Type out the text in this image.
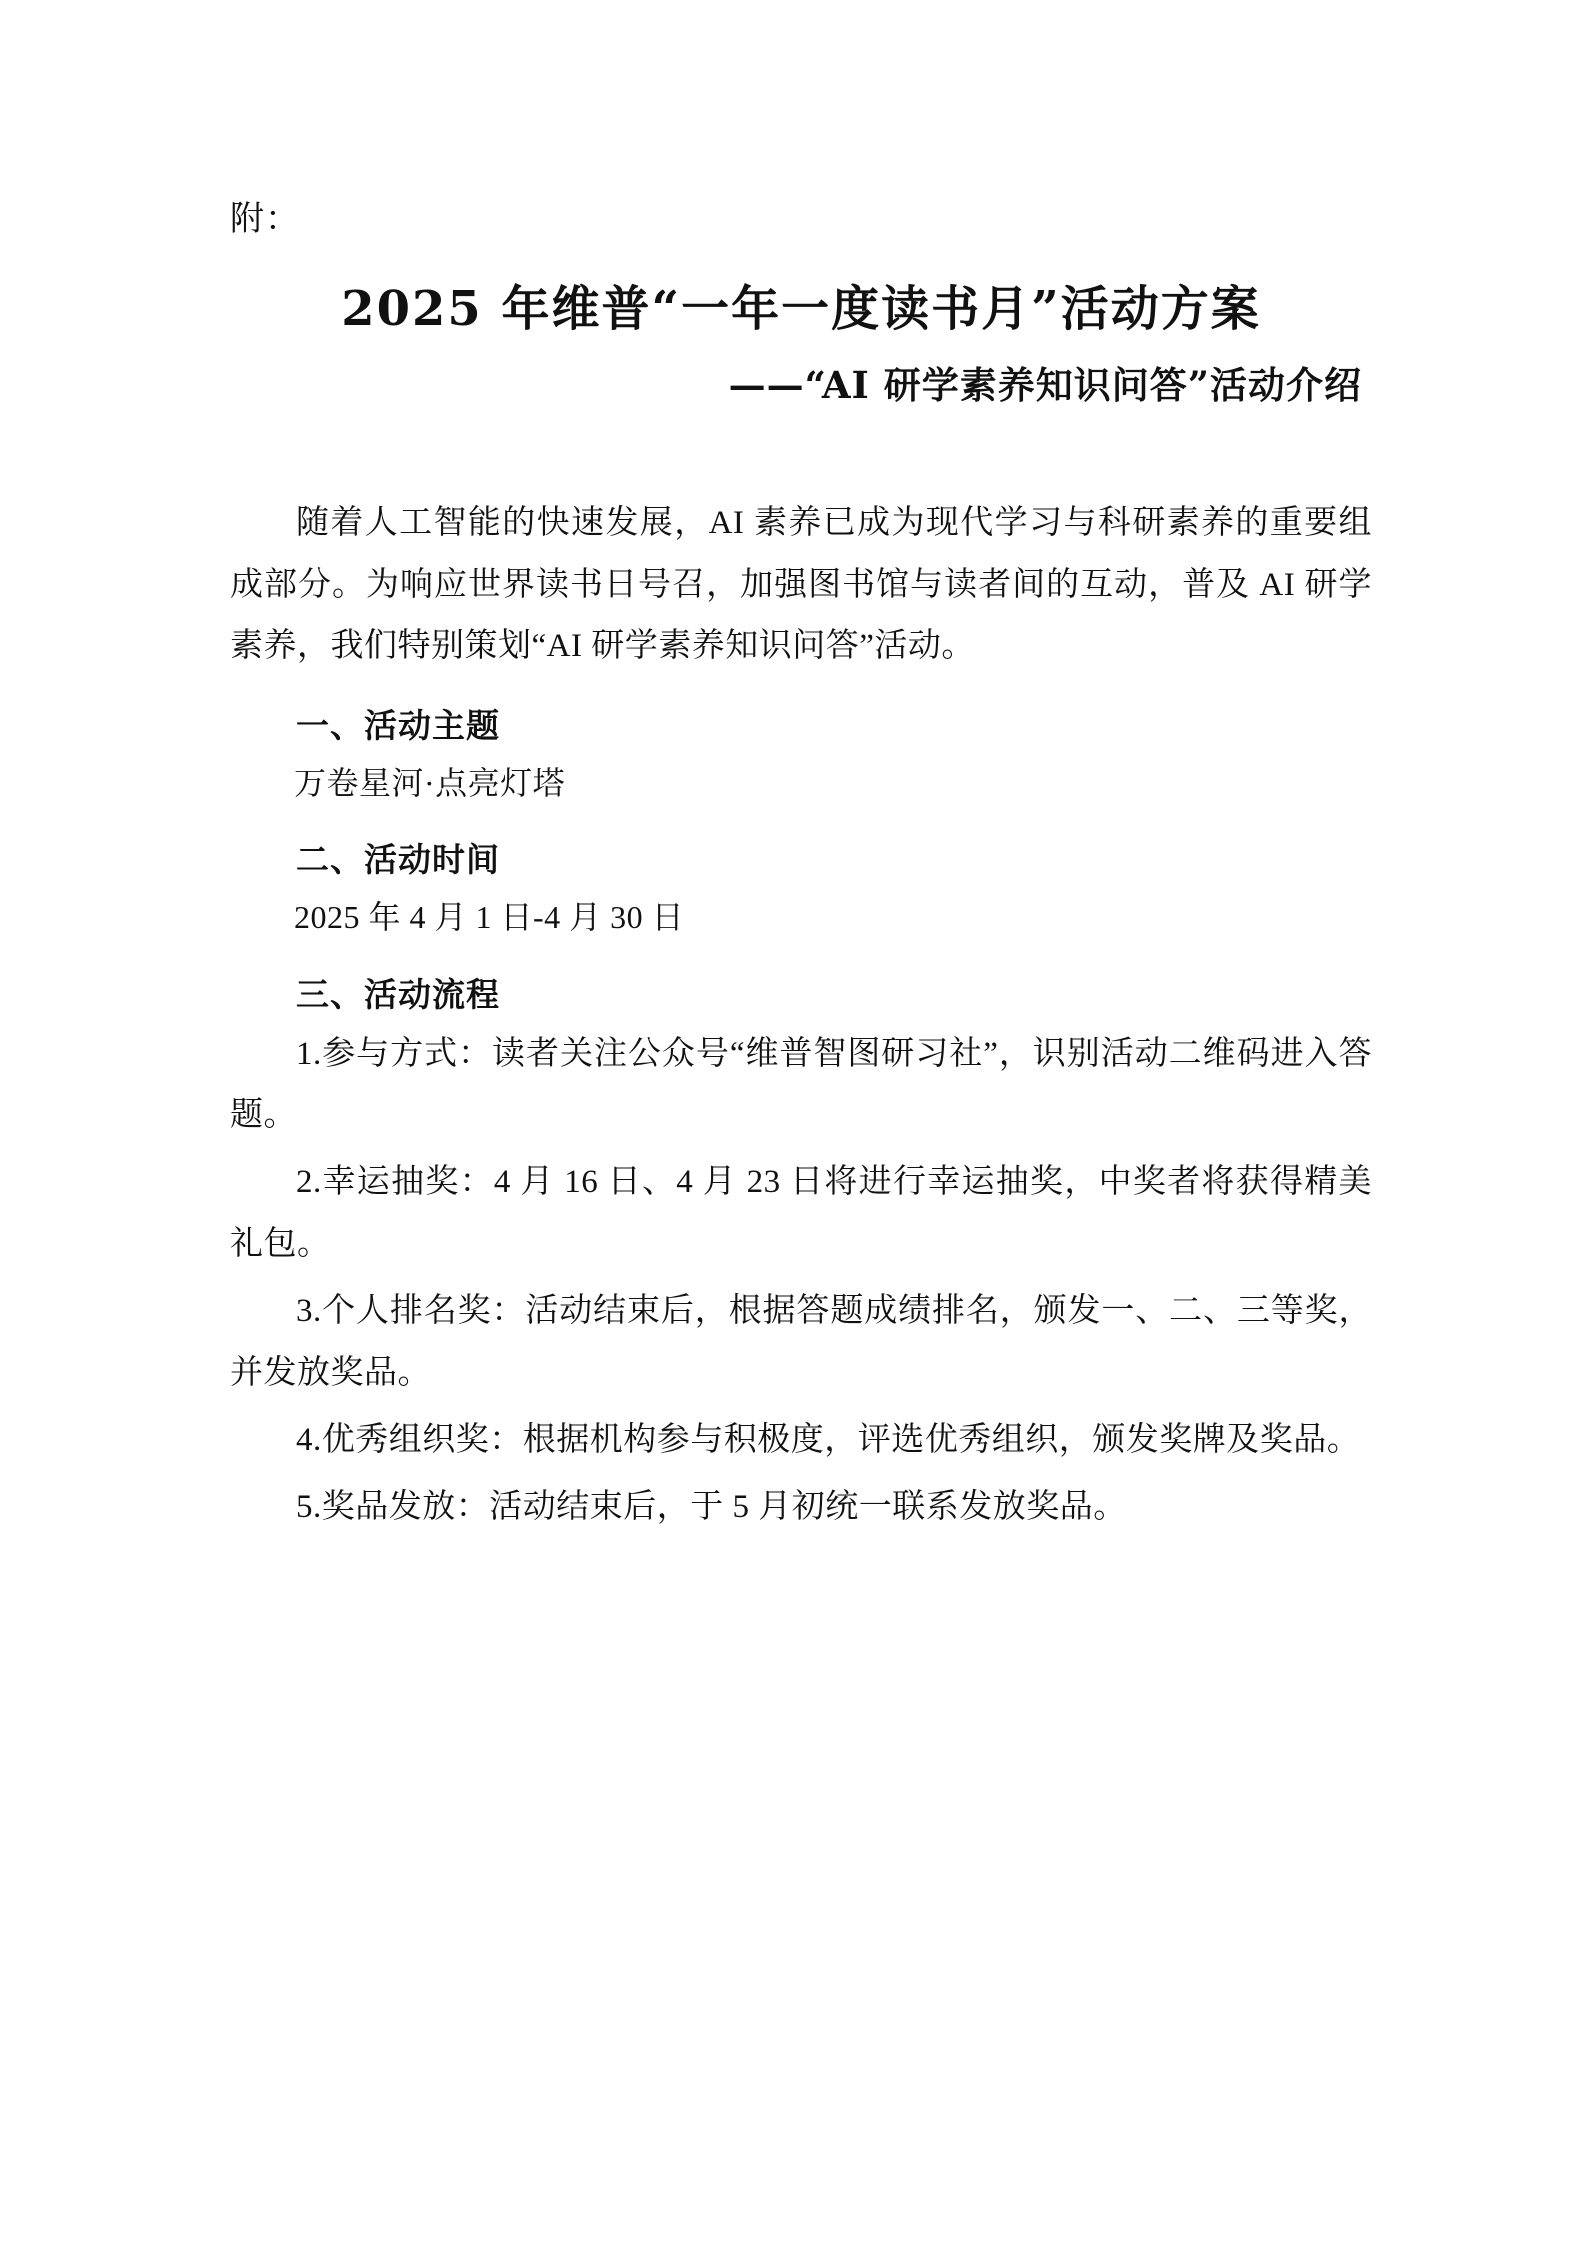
附：
2025 年维普“一年一度读书月”活动方案
——“AI 研学素养知识问答”活动介绍

随着人工智能的快速发展，AI 素养已成为现代学习与科研素养的重要组成部分。为响应世界读书日号召，加强图书馆与读者间的互动，普及 AI 研学素养，我们特别策划“AI 研学素养知识问答”活动。

一、活动主题

万卷星河·点亮灯塔

二、活动时间

2025 年 4 月 1 日-4 月 30 日

三、活动流程

1.参与方式：读者关注公众号“维普智图研习社”，识别活动二维码进入答题。

2.幸运抽奖：4 月 16 日、4 月 23 日将进行幸运抽奖，中奖者将获得精美礼包。

3.个人排名奖：活动结束后，根据答题成绩排名，颁发一、二、三等奖，并发放奖品。

4.优秀组织奖：根据机构参与积极度，评选优秀组织，颁发奖牌及奖品。

5.奖品发放：活动结束后，于 5 月初统一联系发放奖品。
